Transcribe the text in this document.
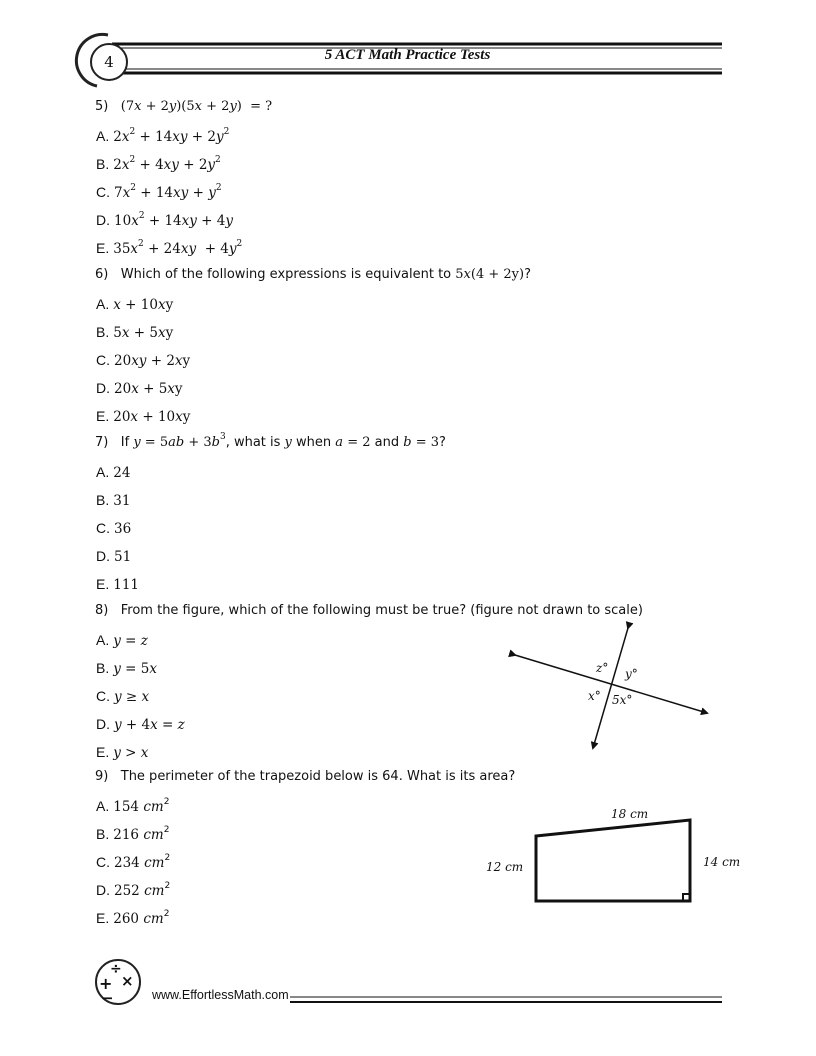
4	5 ACT Math Practice Tests
5) (7x + 2y)(5x + 2y)  = ?
A. $2x^2 + 14xy + 2y^2$
B. $2x^2 + 4xy + 2y^2$
C. $7x^2 + 14xy + y^2$
D. $10x^2 + 14xy + 4y$
E. $35x^2 + 24xy + 4y^2$
6) Which of the following expressions is equivalent to 5x(4 + 2y)?
A. x + 10xy
B. 5x + 5xy
C. 20xy + 2xy
D. 20x + 5xy
E. 20x + 10xy
7) If $y = 5ab + 3b^3$, what is y when a = 2 and b = 3?
A. 24
B. 31
C. 36
D. 51
E. 111
8) From the figure, which of the following must be true? (figure not drawn to scale)
A. y = z
B. y = 5x
C. y ≥ x
D. y + 4x = z
E. y > x
z° y°
x° 5x°
9) The perimeter of the trapezoid below is 64. What is its area?
A. 154 $cm^2$
B. 216 $cm^2$
C. 234 $cm^2$
D. 252 $cm^2$
E. 260 $cm^2$
18 cm
12 cm	14 cm
÷
+ ×
−	www.EffortlessMath.com
